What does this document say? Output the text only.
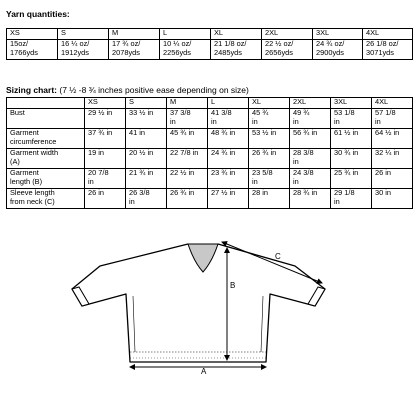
Yarn quantities:

XS	S	M	L	XL	2XL	3XL	4XL
15oz/
1766yds	16 ¼ oz/
1912yds	17 ¾ oz/
2078yds	10 ¼ oz/
2256yds	21 1/8 oz/
2485yds	22 ½ oz/
2656yds	24 ¾ oz/
2900yds	26 1/8 oz/
3071yds

Sizing chart: (7 ½ -8 ¾ inches positive ease depending on size)

	XS	S	M	L	XL	2XL	3XL	4XL
Bust	29 ½ in	33 ½ in	37 3/8
in	41 3/8
in	45 ¾
in	49 ¾
in	53 1/8
in	57 1/8
in
Garment
circumference	37 ¾ in	41 in	45 ¾ in	48 ¾ in	53 ½ in	56 ¾ in	61 ½ in	64 ½ in

Garment width
(A)	19 in	20 ½ in	22 7/8 in	24 ¾ in	26 ¾ in	28 3/8
in	30 ¾ in	32 ¼ in

Garment
length (B)	20 7/8
in	21 ¾ in	22 ½ in	23 ¾ in	23 5/8
in	24 3/8
in	25 ¾ in	26 in

Sleeve length
from neck (C)	26 in	26 3/8
in	26 ¾ in	27 ½ in	28 in	28 ¾ in	29 1/8
in	30 in

B
A
C
